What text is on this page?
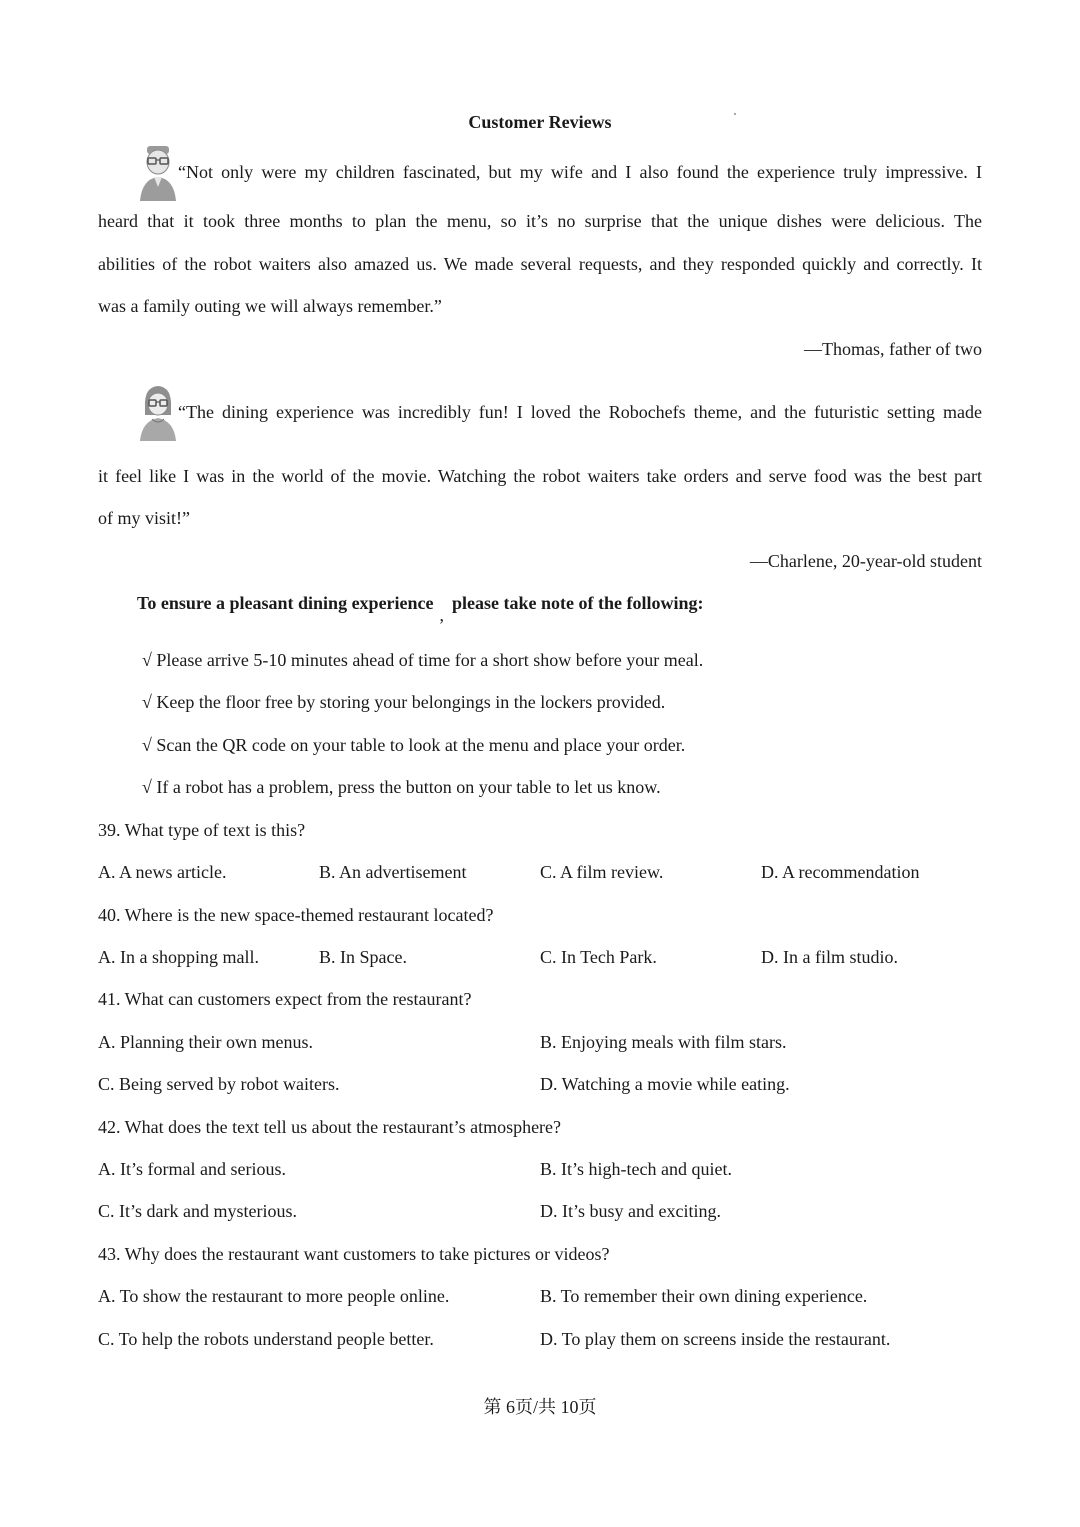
Customer Reviews
“Not only were my children fascinated, but my wife and I also found the experience truly impressive. I
heard that it took three months to plan the menu, so it’s no surprise that the unique dishes were delicious. The
abilities of the robot waiters also amazed us. We made several requests, and they responded quickly and correctly. It
was a family outing we will always remember.”
—Thomas, father of two
“The dining experience was incredibly fun! I loved the Robochefs theme, and the futuristic setting made
it feel like I was in the world of the movie. Watching the robot waiters take orders and serve food was the best part
of my visit!”
—Charlene, 20-year-old student
To ensure a pleasant dining experience,please take note of the following:
√ Please arrive 5-10 minutes ahead of time for a short show before your meal.
√ Keep the floor free by storing your belongings in the lockers provided.
√ Scan the QR code on your table to look at the menu and place your order.
√ If a robot has a problem, press the button on your table to let us know.
39. What type of text is this?
A. A news article.	B. An advertisement	C. A film review.	D. A recommendation
40. Where is the new space-themed restaurant located?
A. In a shopping mall.	B. In Space.	C. In Tech Park.	D. In a film studio.
41. What can customers expect from the restaurant?
A. Planning their own menus.	B. Enjoying meals with film stars.
C. Being served by robot waiters.	D. Watching a movie while eating.
42. What does the text tell us about the restaurant’s atmosphere?
A. It’s formal and serious.	B. It’s high-tech and quiet.
C. It’s dark and mysterious.	D. It’s busy and exciting.
43. Why does the restaurant want customers to take pictures or videos?
A. To show the restaurant to more people online.	B. To remember their own dining experience.
C. To help the robots understand people better.	D. To play them on screens inside the restaurant.
第 6页/共 10页
